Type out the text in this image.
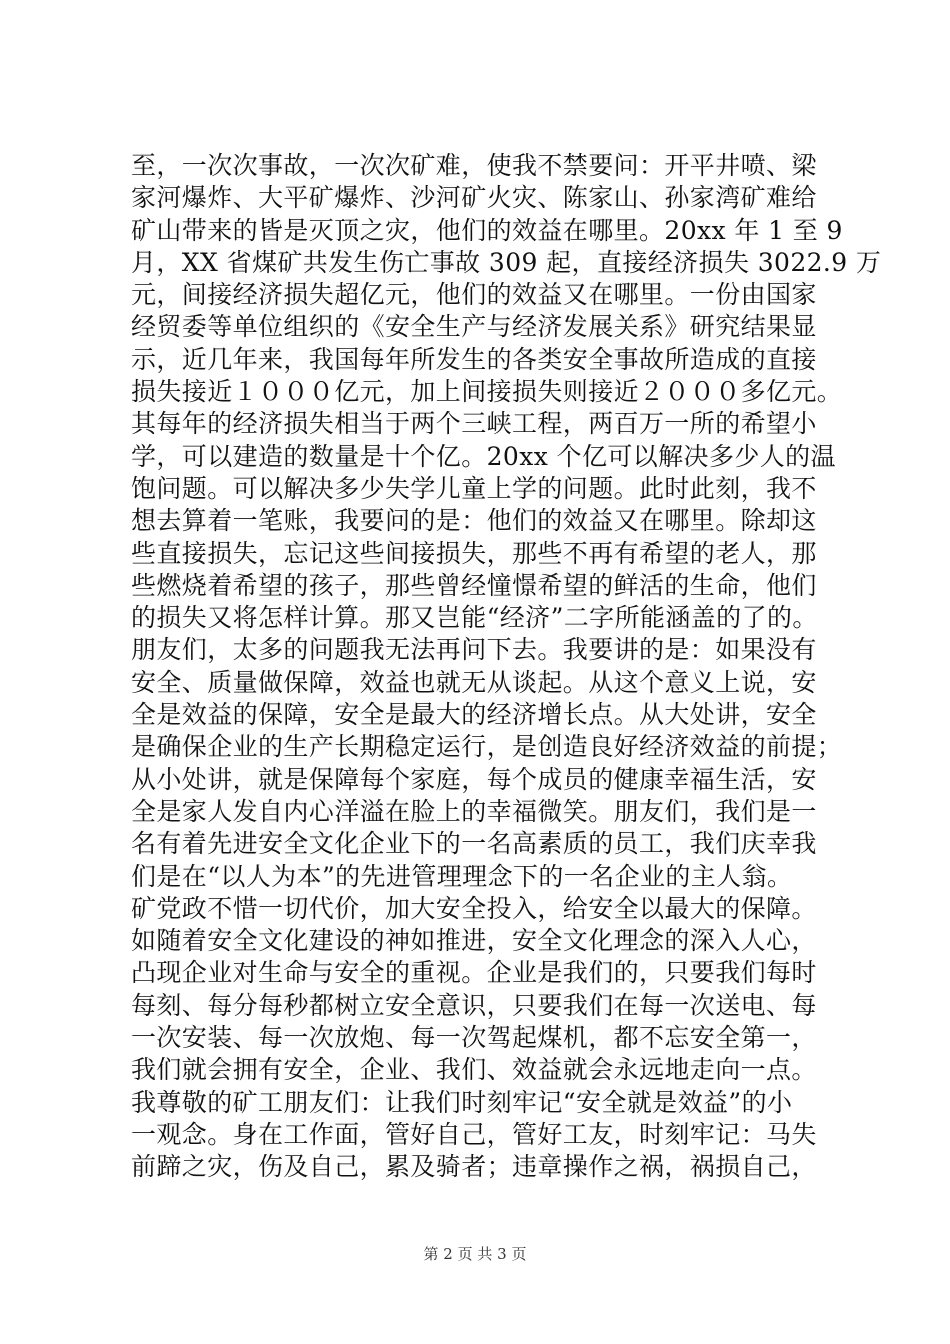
至，一次次事故，一次次矿难，使我不禁要问：开平井喷、梁
家河爆炸、大平矿爆炸、沙河矿火灾、陈家山、孙家湾矿难给
矿山带来的皆是灭顶之灾，他们的效益在哪里。20xx 年 1 至 9
月，XX 省煤矿共发生伤亡事故 309 起，直接经济损失 3022.9 万
元，间接经济损失超亿元，他们的效益又在哪里。一份由国家
经贸委等单位组织的《安全生产与经济发展关系》研究结果显
示，近几年来，我国每年所发生的各类安全事故所造成的直接
损失接近１０００亿元，加上间接损失则接近２０００多亿元。
其每年的经济损失相当于两个三峡工程，两百万一所的希望小
学，可以建造的数量是十个亿。20xx 个亿可以解决多少人的温
饱问题。可以解决多少失学儿童上学的问题。此时此刻，我不
想去算着一笔账，我要问的是：他们的效益又在哪里。除却这
些直接损失，忘记这些间接损失，那些不再有希望的老人，那
些燃烧着希望的孩子，那些曾经憧憬希望的鲜活的生命，他们
的损失又将怎样计算。那又岂能“经济”二字所能涵盖的了的。
朋友们，太多的问题我无法再问下去。我要讲的是：如果没有
安全、质量做保障，效益也就无从谈起。从这个意义上说，安
全是效益的保障，安全是最大的经济增长点。从大处讲，安全
是确保企业的生产长期稳定运行，是创造良好经济效益的前提；
从小处讲，就是保障每个家庭，每个成员的健康幸福生活，安
全是家人发自内心洋溢在脸上的幸福微笑。朋友们，我们是一
名有着先进安全文化企业下的一名高素质的员工，我们庆幸我
们是在“以人为本”的先进管理理念下的一名企业的主人翁。
矿党政不惜一切代价，加大安全投入，给安全以最大的保障。
如随着安全文化建设的神如推进，安全文化理念的深入人心，
凸现企业对生命与安全的重视。企业是我们的，只要我们每时
每刻、每分每秒都树立安全意识，只要我们在每一次送电、每
一次安装、每一次放炮、每一次驾起煤机，都不忘安全第一，
我们就会拥有安全，企业、我们、效益就会永远地走向一点。
我尊敬的矿工朋友们：让我们时刻牢记“安全就是效益”的小
一观念。身在工作面，管好自己，管好工友，时刻牢记：马失
前蹄之灾，伤及自己，累及骑者；违章操作之祸，祸损自己，
第 2 页 共 3 页
